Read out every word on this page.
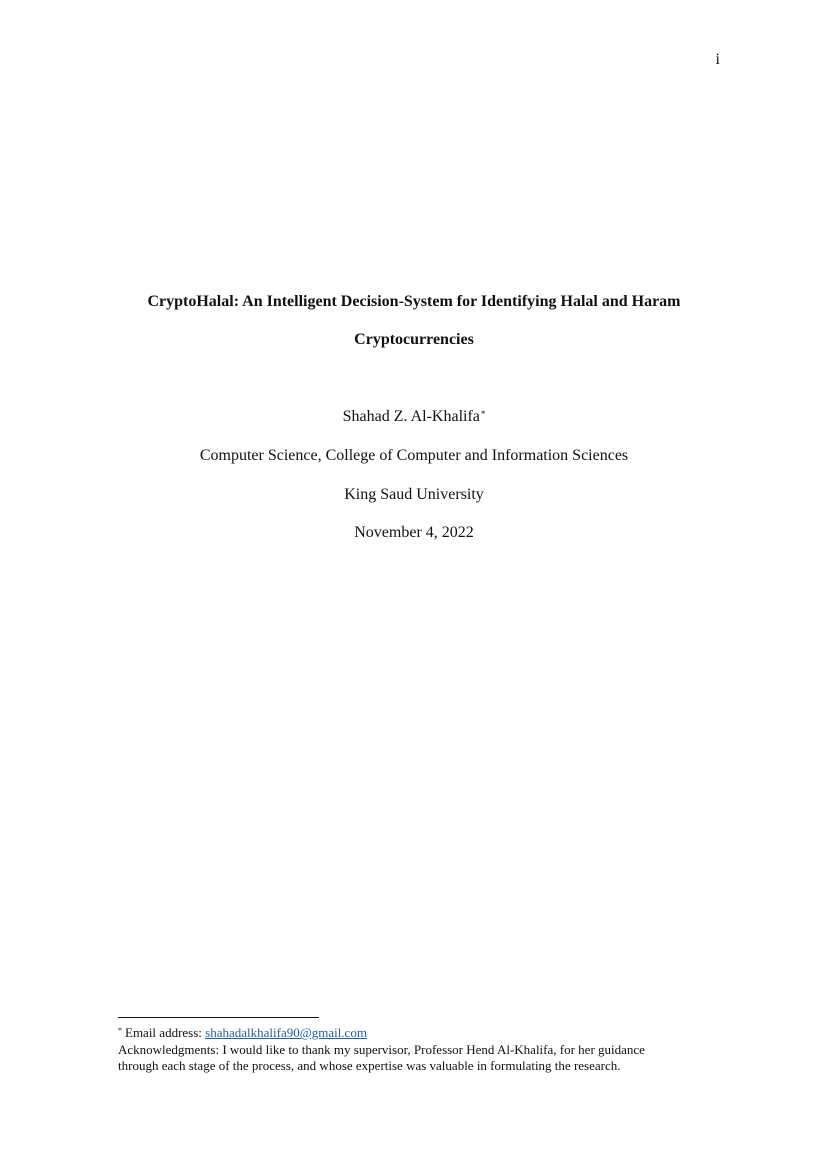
i
CryptoHalal: An Intelligent Decision-System for Identifying Halal and Haram
Cryptocurrencies
Shahad Z. Al-Khalifa*
Computer Science, College of Computer and Information Sciences
King Saud University
November 4, 2022
* Email address: shahadalkhalifa90@gmail.com
Acknowledgments: I would like to thank my supervisor, Professor Hend Al-Khalifa, for her guidance
through each stage of the process, and whose expertise was valuable in formulating the research.
